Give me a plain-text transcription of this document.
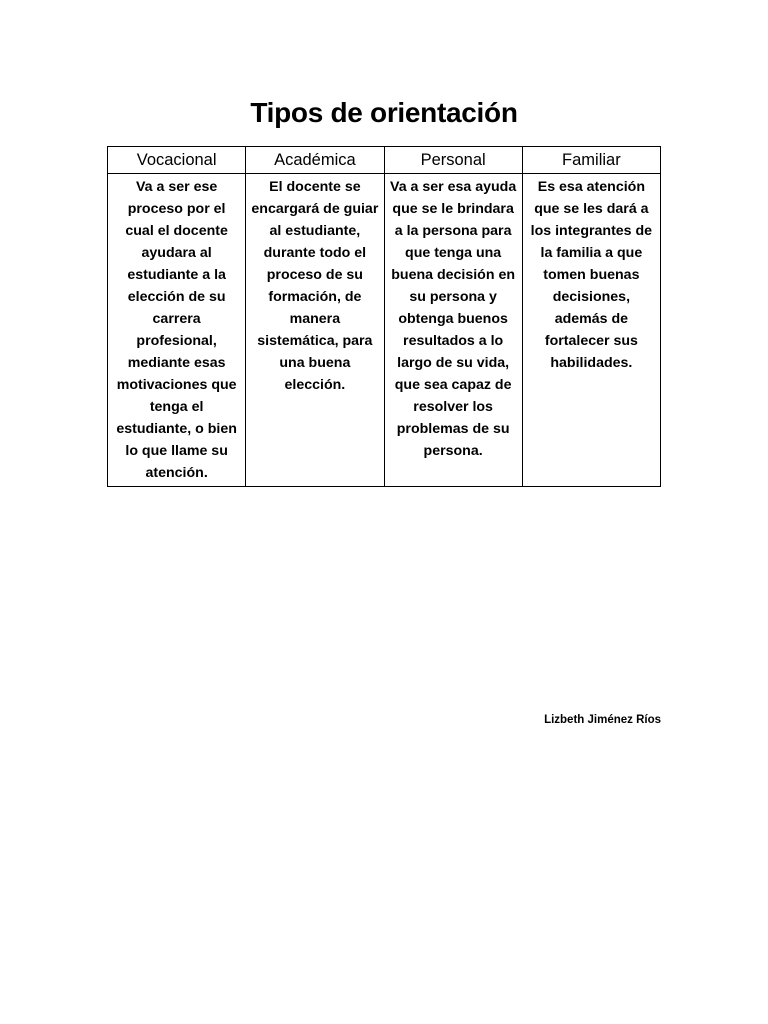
Tipos de orientación
Vocacional	Académica	Personal	Familiar
Va a ser ese proceso por el cual el docente ayudara al estudiante a la elección de su carrera profesional, mediante esas motivaciones que tenga el estudiante, o bien lo que llame su atención.	El docente se encargará de guiar al estudiante, durante todo el proceso de su formación, de manera sistemática, para una buena elección.	Va a ser esa ayuda que se le brindara a la persona para que tenga una buena decisión en su persona y obtenga buenos resultados a lo largo de su vida, que sea capaz de resolver los problemas de su persona.	Es esa atención que se les dará a los integrantes de la familia a que tomen buenas decisiones, además de fortalecer sus habilidades.
Lizbeth Jiménez Ríos
